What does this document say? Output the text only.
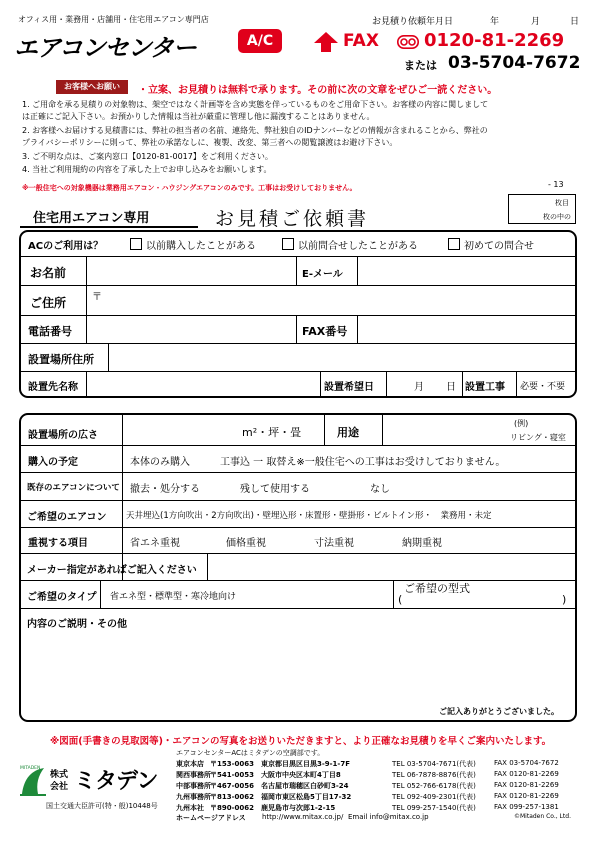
オフィス用・業務用・店舗用・住宅用エアコン専門店
エアコンセンター	A/C
お見積り依頼年月日	年	月	日
FAX	0120-81-2269
または 03-5704-7672
お客様へお願い	・立案、お見積りは無料で承ります。その前に次の文章をぜひご一読ください。
1. ご用命を承る見積りの対象物は、架空ではなく計画等を含め実態を伴っているものをご用命下さい。お客様の内容に関しまして
は正確にご記入下さい。お預かりした情報は当社が厳重に管理し他に漏洩することはありません。
2. お客様へお届けする見積書には、弊社の担当者の名前、連絡先、弊社独自のIDナンバーなどの情報が含まれることから、弊社の
プライバシーポリシーに則って、弊社の承諾なしに、複製、改変、第三者への閲覧譲渡はお避け下さい。
3. ご不明な点は、ご案内窓口【0120-81-0017】をご利用ください。
4. 当社ご利用規約の内容を了承した上でお申し込みをお願いします。
※一般住宅への対象機器は業務用エアコン・ハウジングエアコンのみです。工事はお受けしておりません。	- 13
枚目
枚の中の
住宅用エアコン専用	お見積ご依頼書
ACのご利用は？	以前購入したことがある	以前問合せしたことがある	初めての問合せ
お名前	E-メール
ご住所	〒
電話番号	FAX番号
設置場所住所
設置先名称	設置希望日	月 日 設置工事 必要・不要
設置場所の広さ	m²・坪・畳	用途
(例)
リビング・寝室
購入の予定	本体のみ購入　　　工事込 一 取替え※一般住宅への工事はお受けしておりません。
既存のエアコンについて 撤去・処分する	残して使用する	なし
ご希望のエアコン 天井埋込(1方向吹出・2方向吹出)・壁埋込形・床置形・壁掛形・ビルトイン形・　業務用・未定
重視する項目	省エネ重視	価格重視	寸法重視	納期重視
メーカー指定があればご記入ください
ご希望のタイプ 省エネ型・標準型・寒冷地向け
ご希望の型式
(	)
内容のご説明・その他
ご記入ありがとうございました。
※図面(手書きの見取図等)・エアコンの写真をお送りいただきますと、より正確なお見積りを早くご案内いたします。
MITADEN
株式
会社 ミタデン
国土交通大臣許可(特・般)10448号
エアコンセンターACはミタデンの空調部です。
東京本店 〒153-0063　東京都目黒区目黒3-9-1-7F	TEL 03-5704-7671(代表)	FAX 03-5704-7672
関西事務所 〒541-0053　大阪市中央区本町4丁目8	TEL 06-7878-8876(代表)	FAX 0120-81-2269
中部事務所 〒467-0056　名古屋市瑞穂区白砂町3-24	TEL 052-766-6178(代表)	FAX 0120-81-2269
九州事務所 〒813-0062　福岡市東区松島5丁目17-32	TEL 092-409-2301(代表)	FAX 0120-81-2269
九州本社 〒890-0062　鹿児島市与次郎1-2-15	TEL 099-257-1540(代表)	FAX 099-257-1381
ホームページアドレス http://www.mitax.co.jp/ Email info@mitax.co.jp	©Mitaden Co., Ltd.
